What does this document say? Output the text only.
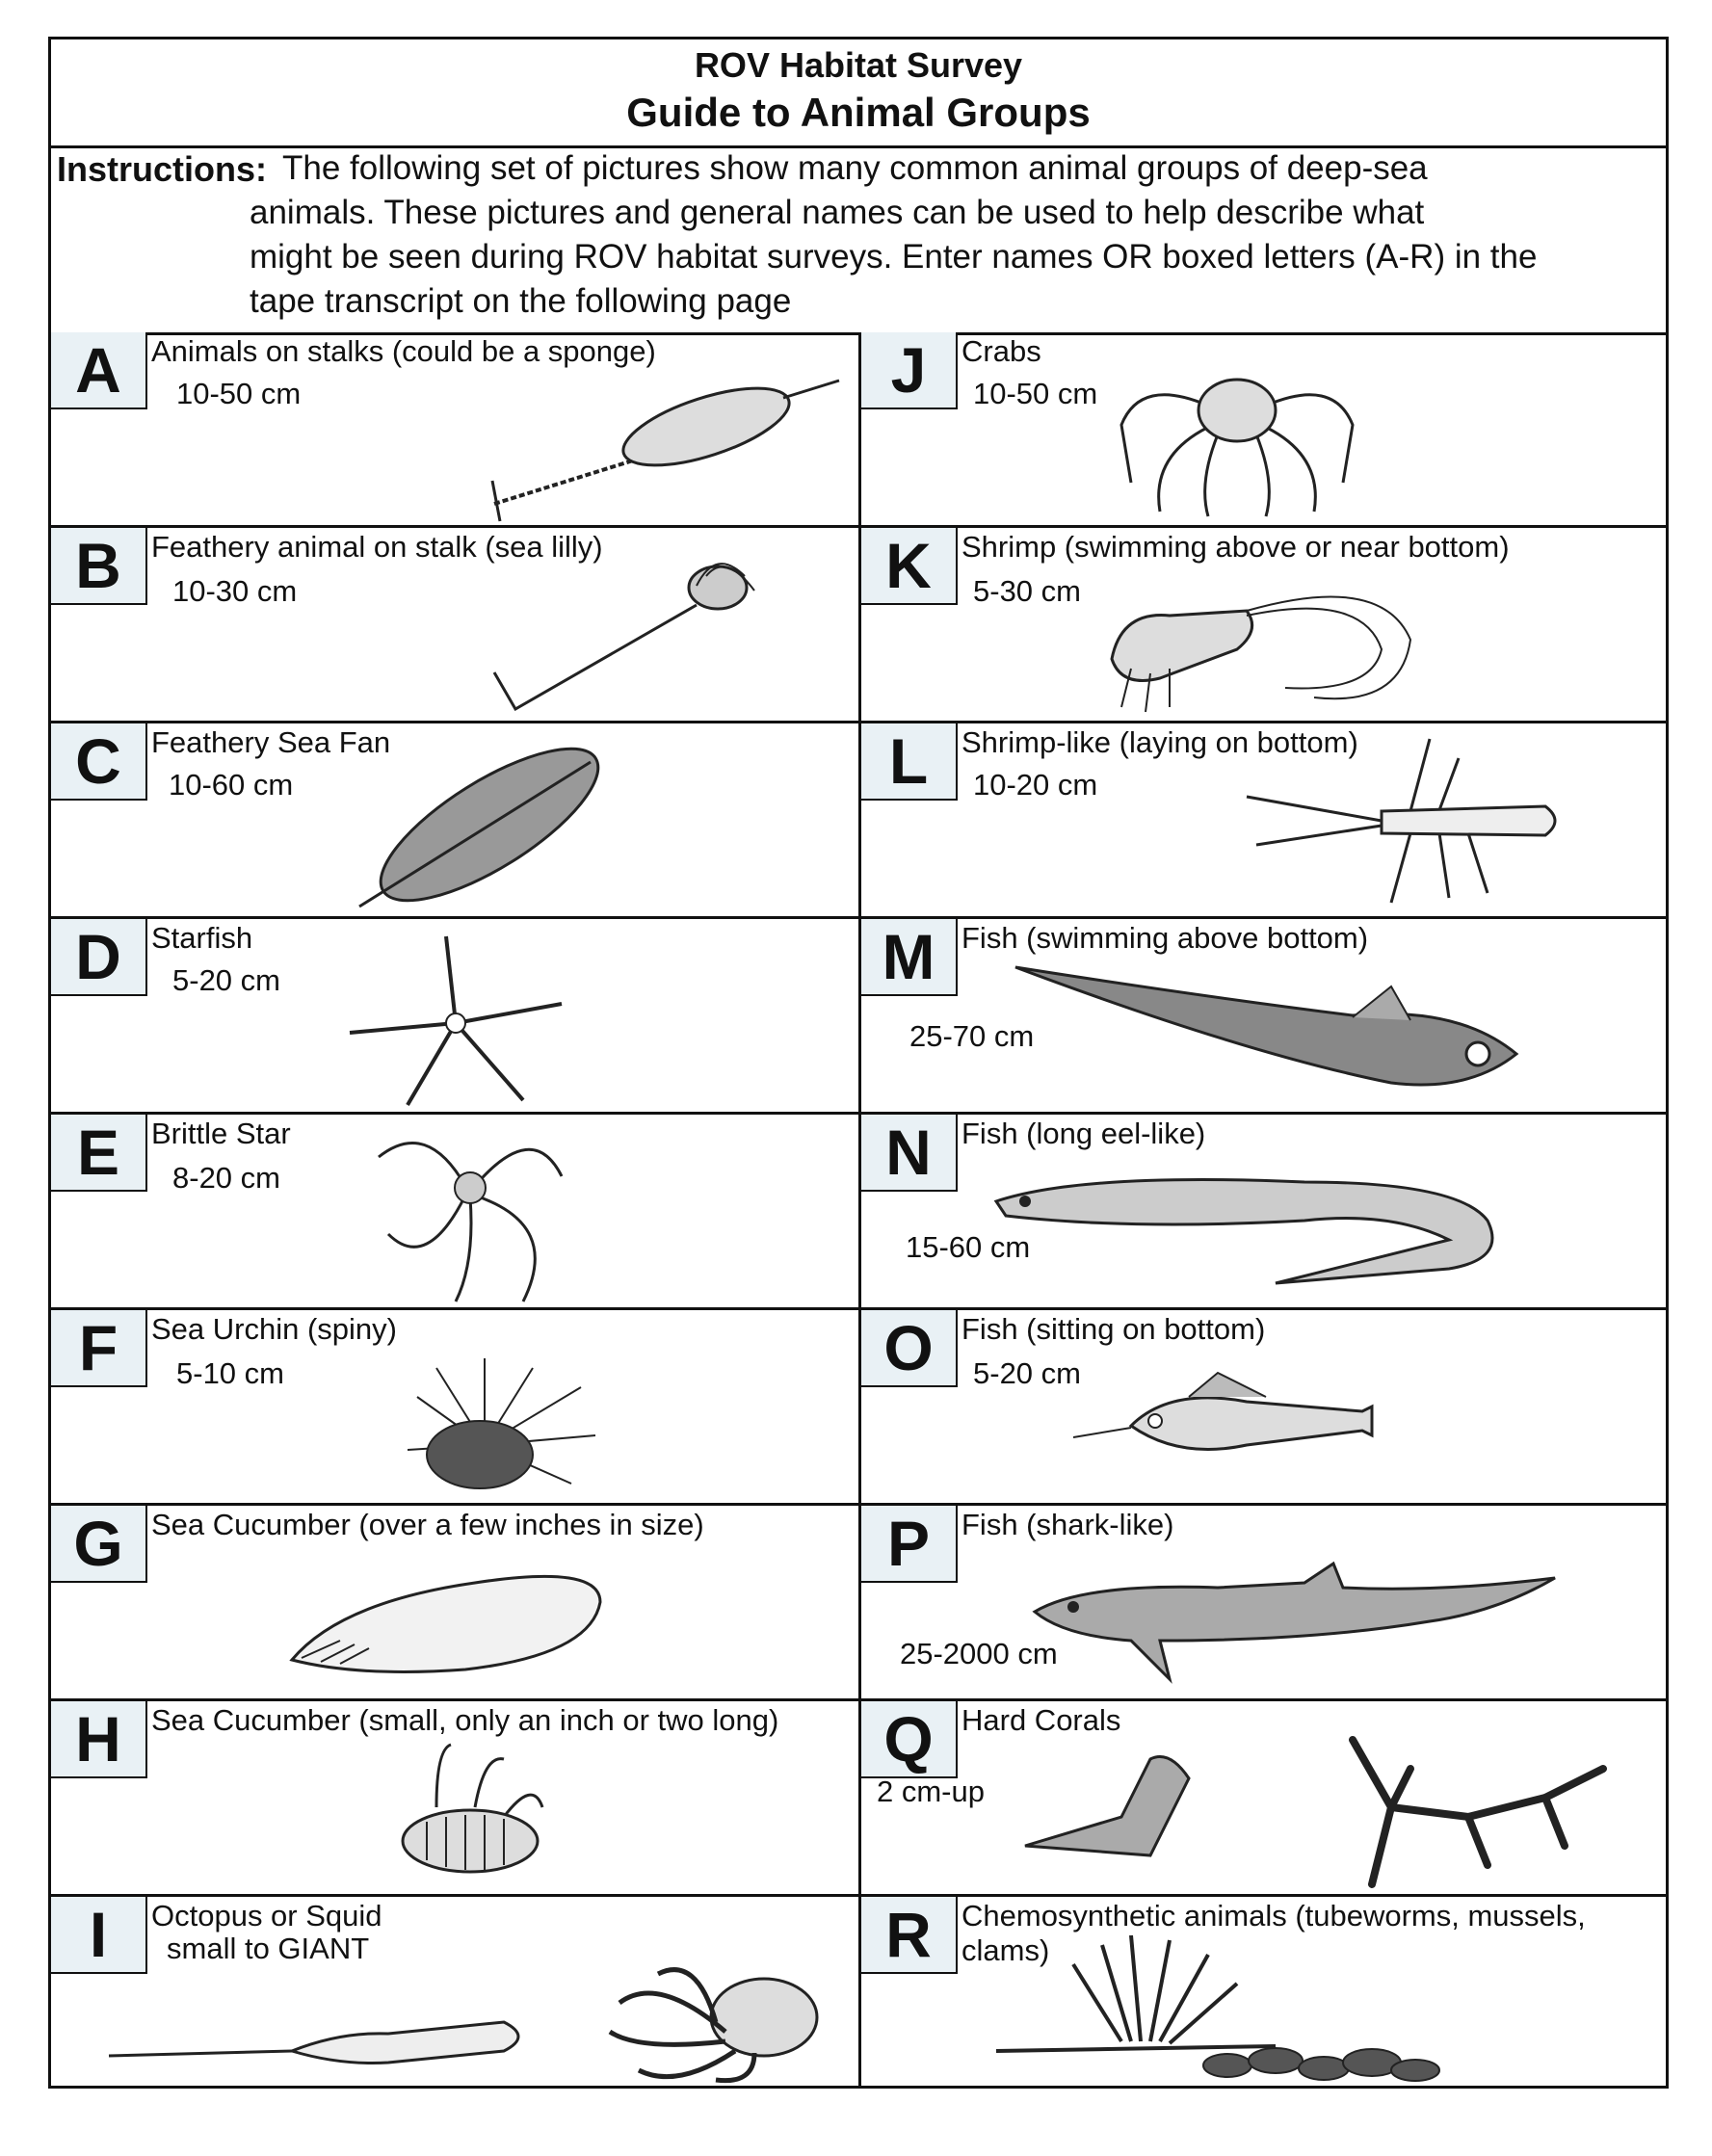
ROV Habitat Survey
Guide to Animal Groups
Instructions: The following set of pictures show many common animal groups of deep-sea
animals. These pictures and general names can be used to help describe what
might be seen during ROV habitat surveys. Enter names OR boxed letters (A-R) in the
tape transcript on the following page
A	Animals on stalks (could be a sponge)
10-50 cm
B	Feathery animal on stalk (sea lilly)
10-30 cm
C	Feathery Sea Fan
10-60 cm
D	Starfish
5-20 cm
E	Brittle Star
8-20 cm
F	Sea Urchin (spiny)
5-10 cm
G Sea Cucumber (over a few inches in size)
H	Sea Cucumber (small, only an inch or two long)
I	Octopus or Squid
small to GIANT
J	Crabs
10-50 cm
K	Shrimp (swimming above or near bottom)
5-30 cm
L	Shrimp-like (laying on bottom)
10-20 cm
M Fish (swimming above bottom)
25-70 cm
N	Fish (long eel-like)
15-60 cm
O Fish (sitting on bottom)
5-20 cm
P	Fish (shark-like)
25-2000 cm
Q Hard Corals
2 cm-up
R	Chemosynthetic animals (tubeworms, mussels,
clams)
